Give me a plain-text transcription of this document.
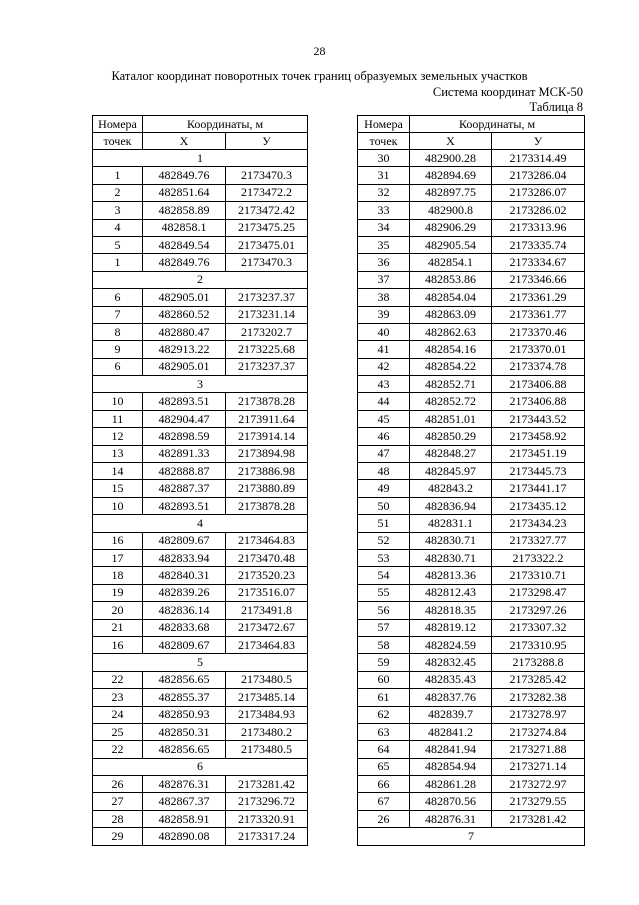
28
Каталог координат поворотных точек границ образуемых земельных участков
Система координат МСК-50
Таблица 8
Номера	Координаты, м	
точек	X	У
1		
1	482849.76	2173470.3
2	482851.64	2173472.2
3	482858.89	2173472.42
4	482858.1	2173475.25
5	482849.54	2173475.01
1	482849.76	2173470.3
2		
6	482905.01	2173237.37
7	482860.52	2173231.14
8	482880.47	2173202.7
9	482913.22	2173225.68
6	482905.01	2173237.37
3		
10	482893.51	2173878.28
11	482904.47	2173911.64
12	482898.59	2173914.14
13	482891.33	2173894.98
14	482888.87	2173886.98
15	482887.37	2173880.89
10	482893.51	2173878.28
4		
16	482809.67	2173464.83
17	482833.94	2173470.48
18	482840.31	2173520.23
19	482839.26	2173516.07
20	482836.14	2173491.8
21	482833.68	2173472.67
16	482809.67	2173464.83
5		
22	482856.65	2173480.5
23	482855.37	2173485.14
24	482850.93	2173484.93
25	482850.31	2173480.2
22	482856.65	2173480.5
6		
26	482876.31	2173281.42
27	482867.37	2173296.72
28	482858.91	2173320.91
29	482890.08	2173317.24
Номера	Координаты, м	
точек	X	У
30	482900.28	2173314.49
31	482894.69	2173286.04
32	482897.75	2173286.07
33	482900.8	2173286.02
34	482906.29	2173313.96
35	482905.54	2173335.74
36	482854.1	2173334.67
37	482853.86	2173346.66
38	482854.04	2173361.29
39	482863.09	2173361.77
40	482862.63	2173370.46
41	482854.16	2173370.01
42	482854.22	2173374.78
43	482852.71	2173406.88
44	482852.72	2173406.88
45	482851.01	2173443.52
46	482850.29	2173458.92
47	482848.27	2173451.19
48	482845.97	2173445.73
49	482843.2	2173441.17
50	482836.94	2173435.12
51	482831.1	2173434.23
52	482830.71	2173327.77
53	482830.71	2173322.2
54	482813.36	2173310.71
55	482812.43	2173298.47
56	482818.35	2173297.26
57	482819.12	2173307.32
58	482824.59	2173310.95
59	482832.45	2173288.8
60	482835.43	2173285.42
61	482837.76	2173282.38
62	482839.7	2173278.97
63	482841.2	2173274.84
64	482841.94	2173271.88
65	482854.94	2173271.14
66	482861.28	2173272.97
67	482870.56	2173279.55
26	482876.31	2173281.42
7		
